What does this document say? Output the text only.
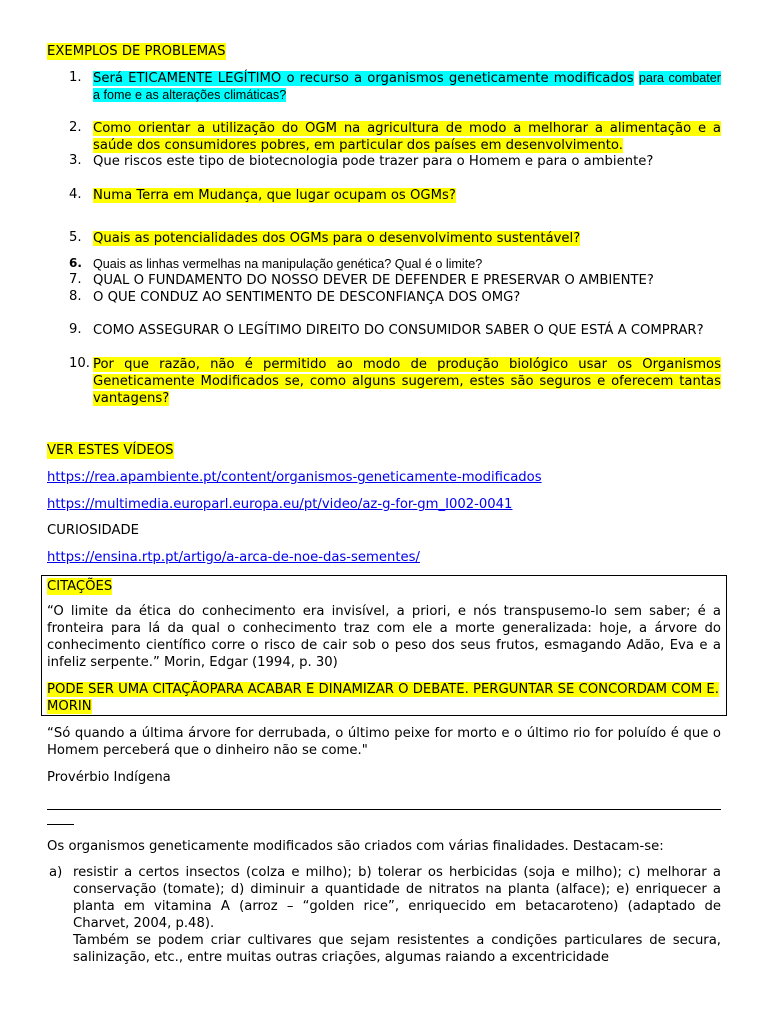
EXEMPLOS DE PROBLEMAS
1. Será ETICAMENTE LEGÍTIMO o recurso a organismos geneticamente modificados para combater a fome e as alterações climáticas?
2. Como orientar a utilização do OGM na agricultura de modo a melhorar a alimentação e a saúde dos consumidores pobres, em particular dos países em desenvolvimento.
3. Que riscos este tipo de biotecnologia pode trazer para o Homem e para o ambiente?
4. Numa Terra em Mudança, que lugar ocupam os OGMs?
5. Quais as potencialidades dos OGMs para o desenvolvimento sustentável?
6. Quais as linhas vermelhas na manipulação genética? Qual é o limite?
7. QUAL O FUNDAMENTO DO NOSSO DEVER DE DEFENDER E PRESERVAR O AMBIENTE?
8. O QUE CONDUZ AO SENTIMENTO DE DESCONFIANÇA DOS OMG?
9. COMO ASSEGURAR O LEGÍTIMO DIREITO DO CONSUMIDOR SABER O QUE ESTÁ A COMPRAR?
10. Por que razão, não é permitido ao modo de produção biológico usar os Organismos Geneticamente Modificados se, como alguns sugerem, estes são seguros e oferecem tantas vantagens?
VER ESTES VÍDEOS
https://rea.apambiente.pt/content/organismos-geneticamente-modificados
https://multimedia.europarl.europa.eu/pt/video/az-g-for-gm_I002-0041
CURIOSIDADE
https://ensina.rtp.pt/artigo/a-arca-de-noe-das-sementes/
CITAÇÕES
“O limite da ética do conhecimento era invisível, a priori, e nós transpusemo-lo sem saber; é a fronteira para lá da qual o conhecimento traz com ele a morte generalizada: hoje, a árvore do conhecimento científico corre o risco de cair sob o peso dos seus frutos, esmagando Adão, Eva e a infeliz serpente.” Morin, Edgar (1994, p. 30)
PODE SER UMA CITAÇÃOPARA ACABAR E DINAMIZAR O DEBATE. PERGUNTAR SE CONCORDAM COM E. MORIN
“Só quando a última árvore for derrubada, o último peixe for morto e o último rio for poluído é que o Homem perceberá que o dinheiro não se come."
Provérbio Indígena
Os organismos geneticamente modificados são criados com várias finalidades. Destacam-se:
a) resistir a certos insectos (colza e milho); b) tolerar os herbicidas (soja e milho); c) melhorar a conservação (tomate); d) diminuir a quantidade de nitratos na planta (alface); e) enriquecer a planta em vitamina A (arroz – “golden rice”, enriquecido em betacaroteno) (adaptado de Charvet, 2004, p.48).
Também se podem criar cultivares que sejam resistentes a condições particulares de secura, salinização, etc., entre muitas outras criações, algumas raiando a excentricidade
